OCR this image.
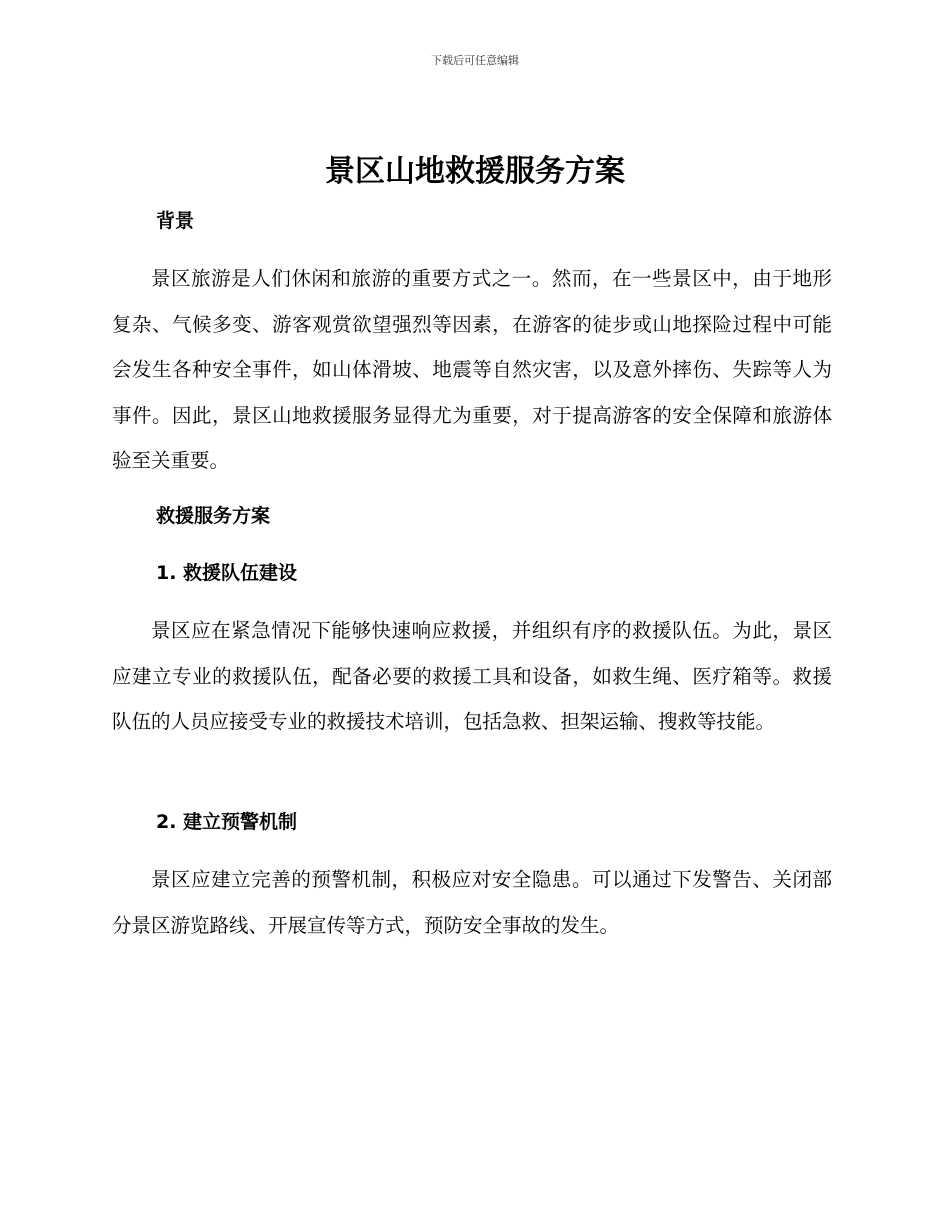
下载后可任意编辑
景区山地救援服务方案
背景

景区旅游是人们休闲和旅游的重要方式之一。然而，在一些景区中，由于地形复杂、气候多变、游客观赏欲望强烈等因素，在游客的徒步或山地探险过程中可能会发生各种安全事件，如山体滑坡、地震等自然灾害，以及意外摔伤、失踪等人为事件。因此，景区山地救援服务显得尤为重要，对于提高游客的安全保障和旅游体验至关重要。

救援服务方案
1. 救援队伍建设

景区应在紧急情况下能够快速响应救援，并组织有序的救援队伍。为此，景区应建立专业的救援队伍，配备必要的救援工具和设备，如救生绳、医疗箱等。救援队伍的人员应接受专业的救援技术培训，包括急救、担架运输、搜救等技能。

2. 建立预警机制

景区应建立完善的预警机制，积极应对安全隐患。可以通过下发警告、关闭部分景区游览路线、开展宣传等方式，预防安全事故的发生。
